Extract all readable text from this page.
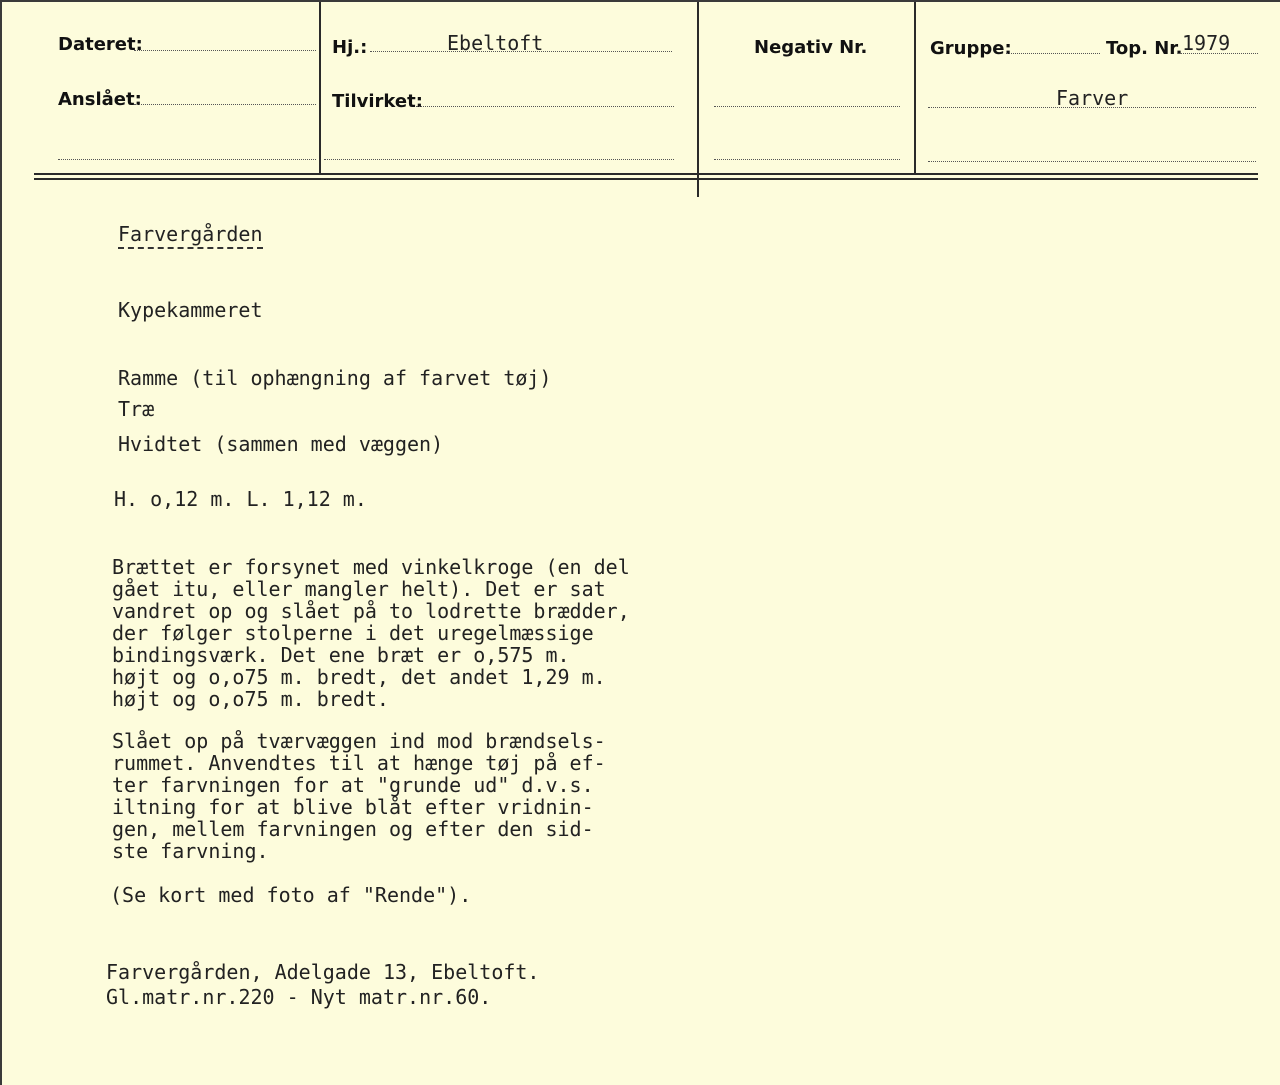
Dateret:
Anslået:
Hj.:	Ebeltoft
Tilvirket:
Negativ Nr.	Gruppe:	Top. Nr. 1979
Farver
Farvergården
Kypekammeret
Ramme (til ophængning af farvet tøj)
Træ
Hvidtet (sammen med væggen)
H. o,12 m. L. 1,12 m.
Brættet er forsynet med vinkelkroge (en del
gået itu, eller mangler helt). Det er sat
vandret op og slået på to lodrette brædder,
der følger stolperne i det uregelmæssige
bindingsværk. Det ene bræt er o,575 m.
højt og o,o75 m. bredt, det andet 1,29 m.
højt og o,o75 m. bredt.
Slået op på tværvæggen ind mod brændsels-
rummet. Anvendtes til at hænge tøj på ef-
ter farvningen for at "grunde ud" d.v.s.
iltning for at blive blåt efter vridnin-
gen, mellem farvningen og efter den sid-
ste farvning.
(Se kort med foto af "Rende").
Farvergården, Adelgade 13, Ebeltoft.
Gl.matr.nr.220 - Nyt matr.nr.60.
